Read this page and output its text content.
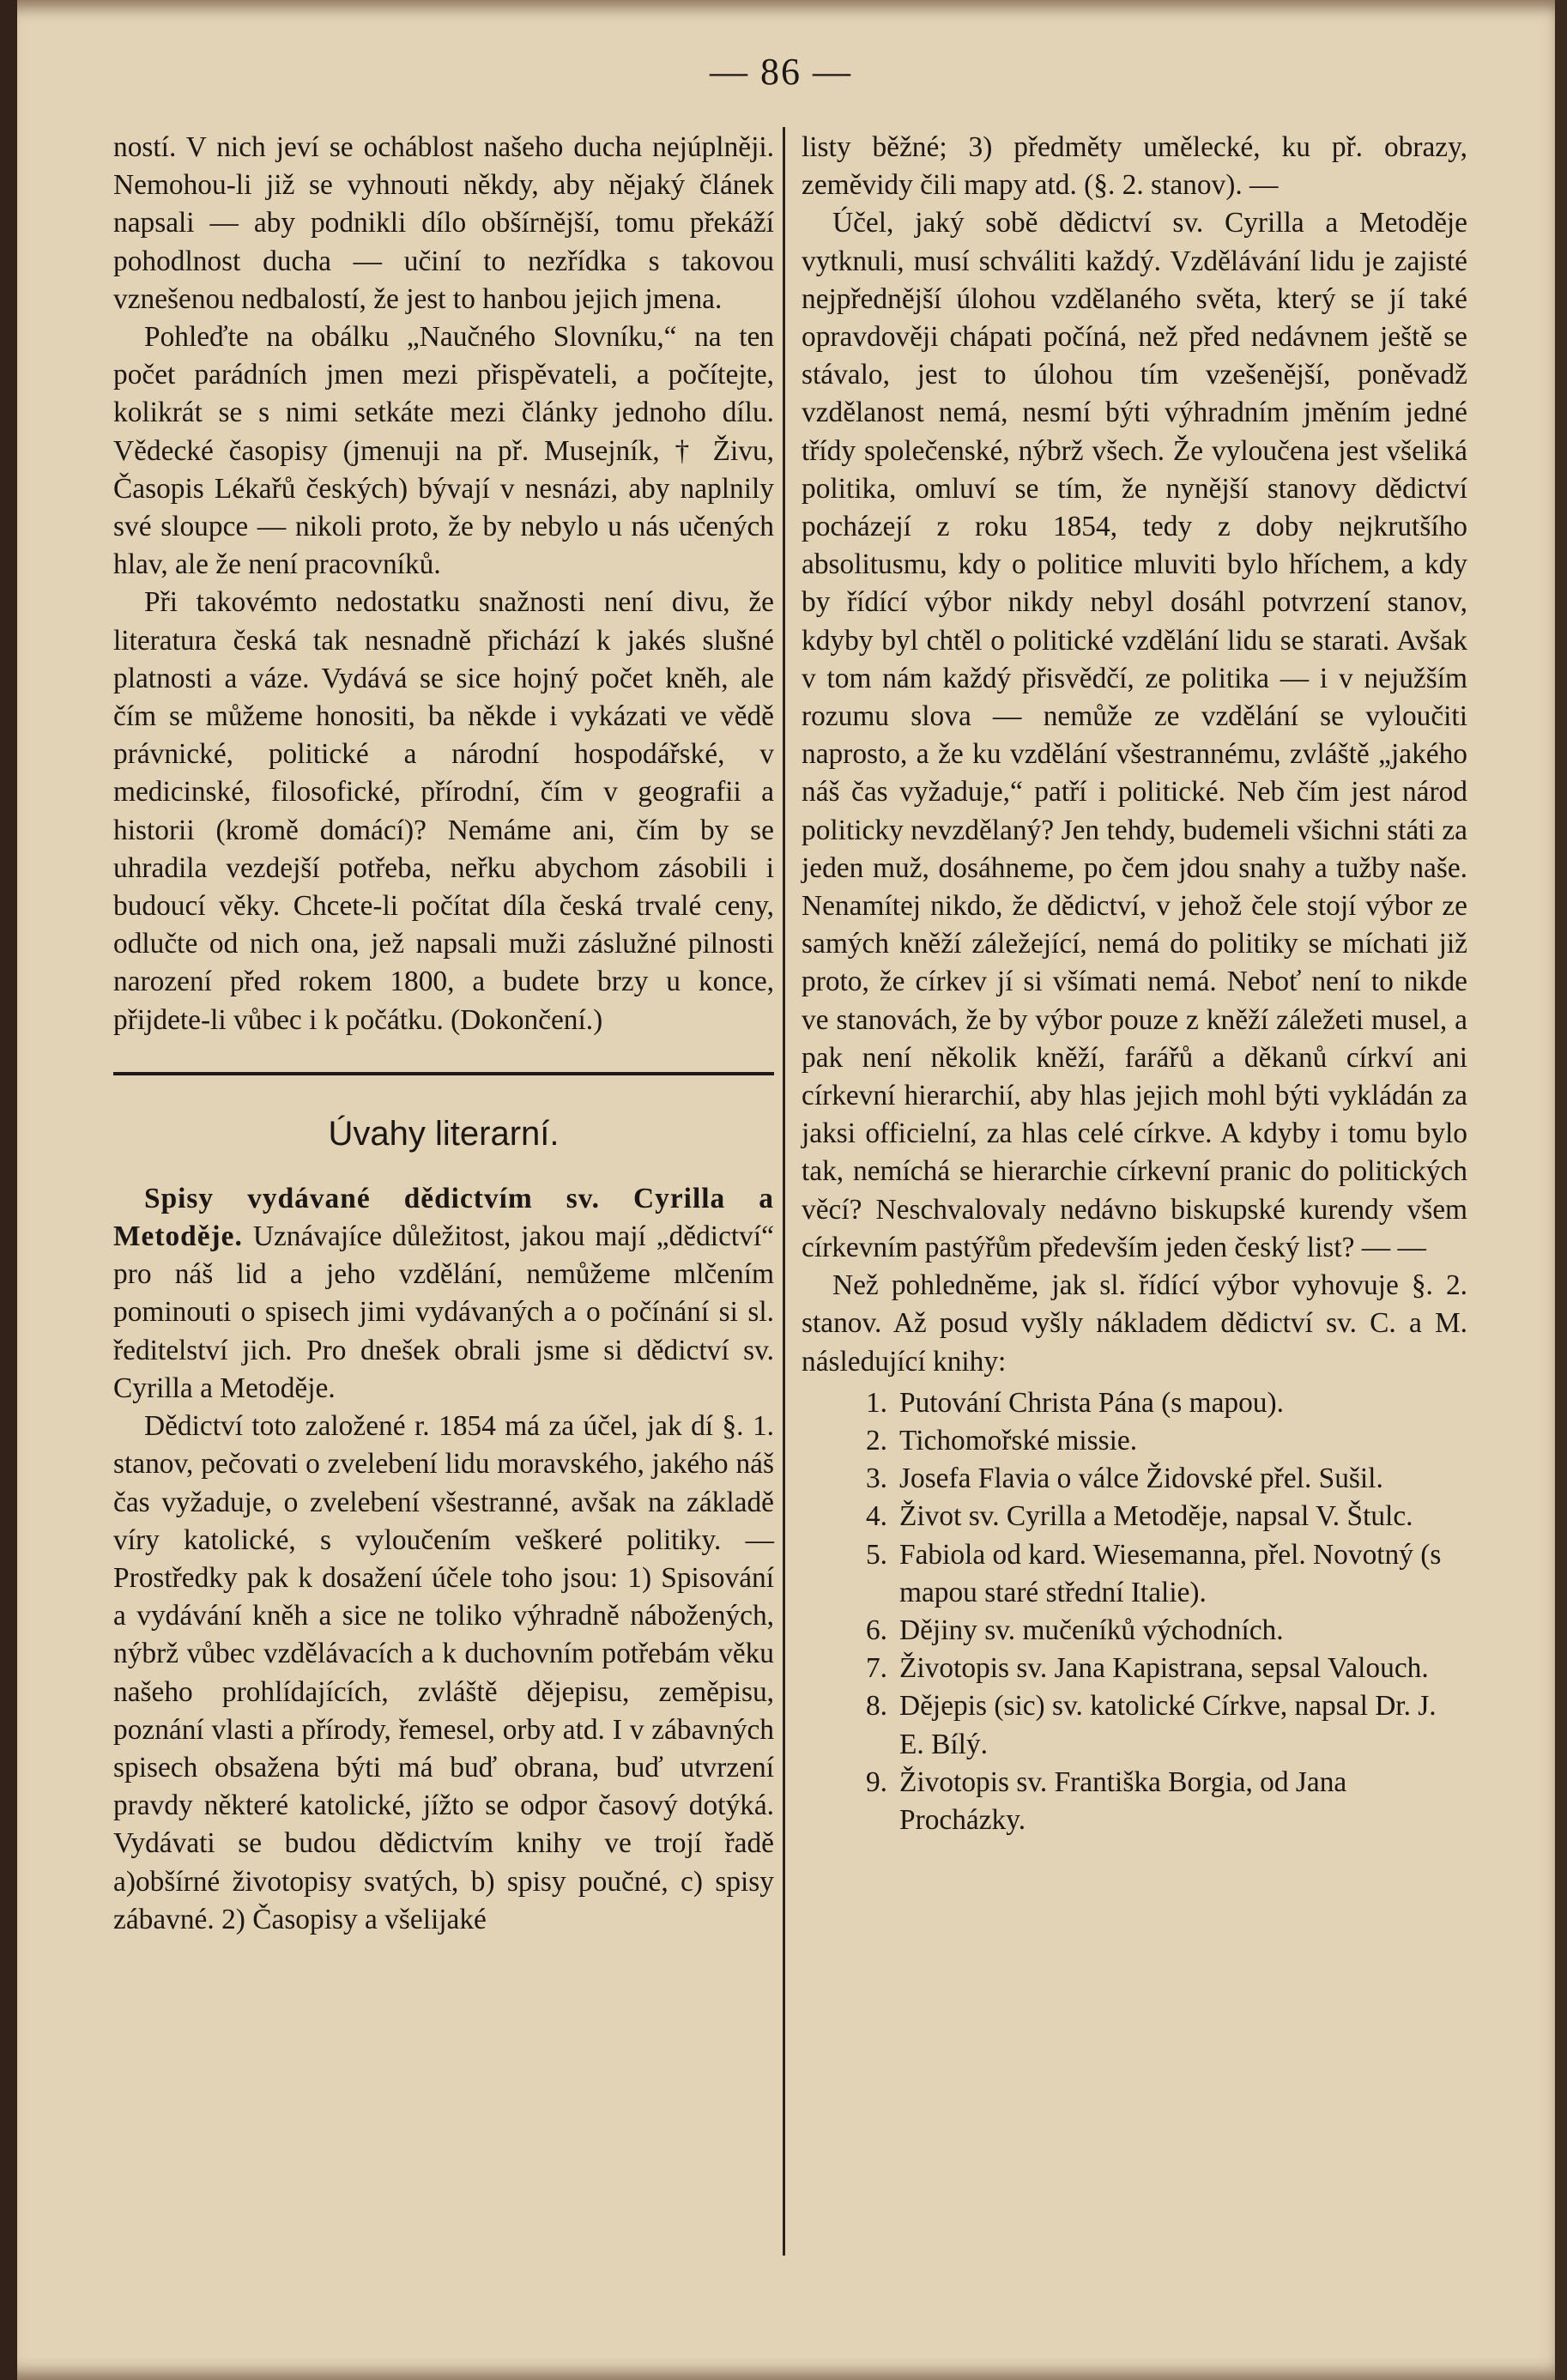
— 86 —

ností. V nich jeví se ocháblost našeho ducha nejúplněji. Nemohou-li již se vyhnouti někdy, aby nějaký článek napsali — aby podnikli dílo obšírnější, tomu překáží pohodlnost ducha — učiní to nezřídka s takovou vznešenou nedbalostí, že jest to hanbou jejich jmena.

Pohleďte na obálku „Naučného Slovníku,“ na ten počet parádních jmen mezi přispěvateli, a počítejte, kolikrát se s nimi setkáte mezi články jednoho dílu. Vědecké časopisy (jmenuji na př. Musejník, † Živu, Časopis Lékařů českých) bývají v nesnázi, aby naplnily své sloupce — nikoli proto, že by nebylo u nás učených hlav, ale že není pracovníků.

Při takovémto nedostatku snažnosti není divu, že literatura česká tak nesnadně přichází k jakés slušné platnosti a váze. Vydává se sice hojný počet kněh, ale čím se můžeme honositi, ba někde i vykázati ve vědě právnické, politické a národní hospodářské, v medicinské, filosofické, přírodní, čím v geografii a historii (kromě domácí)? Nemáme ani, čím by se uhradila vezdejší potřeba, neřku abychom zásobili i budoucí věky. Chcete-li počítat díla česká trvalé ceny, odlučte od nich ona, jež napsali muži záslužné pilnosti narození před rokem 1800, a budete brzy u konce, přijdete-li vůbec i k počátku. (Dokončení.)

Úvahy literarní.

Spisy vydávané dědictvím sv. Cyrilla a Metoděje. Uznávajíce důležitost, jakou mají „dědictví“ pro náš lid a jeho vzdělání, nemůžeme mlčením pominouti o spisech jimi vydávaných a o počínání si sl. ředitelství jich. Pro dnešek obrali jsme si dědictví sv. Cyrilla a Metoděje.

Dědictví toto založené r. 1854 má za účel, jak dí §. 1. stanov, pečovati o zvelebení lidu moravského, jakého náš čas vyžaduje, o zvelebení všestranné, avšak na základě víry katolické, s vyloučením veškeré politiky. — Prostředky pak k dosažení účele toho jsou: 1) Spisování a vydávání kněh a sice ne toliko výhradně nábožených, nýbrž vůbec vzdělávacích a k duchovním potřebám věku našeho prohlídajících, zvláště dějepisu, zeměpisu, poznání vlasti a přírody, řemesel, orby atd. I v zábavných spisech obsažena býti má buď obrana, buď utvrzení pravdy některé katolické, jížto se odpor časový dotýká. Vydávati se budou dědictvím knihy ve trojí řadě a)obšírné životopisy svatých, b) spisy poučné, c) spisy zábavné. 2) Časopisy a všelijaké

listy běžné; 3) předměty umělecké, ku př. obrazy, zeměvidy čili mapy atd. (§. 2. stanov). —

Účel, jaký sobě dědictví sv. Cyrilla a Metoděje vytknuli, musí schváliti každý. Vzdělávání lidu je zajisté nejpřednější úlohou vzdělaného světa, který se jí také opravdověji chápati počíná, než před nedávnem ještě se stávalo, jest to úlohou tím vzešenější, poněvadž vzdělanost nemá, nesmí býti výhradním jměním jedné třídy společenské, nýbrž všech. Že vyloučena jest všeliká politika, omluví se tím, že nynější stanovy dědictví pocházejí z roku 1854, tedy z doby nejkrutšího absolitusmu, kdy o politice mluviti bylo hříchem, a kdy by řídící výbor nikdy nebyl dosáhl potvrzení stanov, kdyby byl chtěl o politické vzdělání lidu se starati. Avšak v tom nám každý přisvědčí, ze politika — i v nejužším rozumu slova — nemůže ze vzdělání se vyloučiti naprosto, a že ku vzdělání všestrannému, zvláště „jakého náš čas vyžaduje,“ patří i politické. Neb čím jest národ politicky nevzdělaný? Jen tehdy, budemeli všichni státi za jeden muž, dosáhneme, po čem jdou snahy a tužby naše. Nenamítej nikdo, že dědictví, v jehož čele stojí výbor ze samých kněží záležející, nemá do politiky se míchati již proto, že církev jí si všímati nemá. Neboť není to nikde ve stanovách, že by výbor pouze z kněží záležeti musel, a pak není několik kněží, farářů a děkanů církví ani církevní hierarchií, aby hlas jejich mohl býti vykládán za jaksi officielní, za hlas celé církve. A kdyby i tomu bylo tak, nemíchá se hierarchie církevní pranic do politických věcí? Neschvalovaly nedávno biskupské kurendy všem církevním pastýřům především jeden český list? — —

Než pohledněme, jak sl. řídící výbor vyhovuje §. 2. stanov. Až posud vyšly nákladem dědictví sv. C. a M. následující knihy:

1. Putování Christa Pána (s mapou).
2. Tichomořské missie.
3. Josefa Flavia o válce Židovské přel. Sušil.
4. Život sv. Cyrilla a Metoděje, napsal V. Štulc.
5. Fabiola od kard. Wiesemanna, přel. Novotný (s mapou staré střední Italie).
6. Dějiny sv. mučeníků východních.
7. Životopis sv. Jana Kapistrana, sepsal Valouch.
8. Dějepis (sic) sv. katolické Církve, napsal Dr. J. E. Bílý.
9. Životopis sv. Františka Borgia, od Jana Procházky.
